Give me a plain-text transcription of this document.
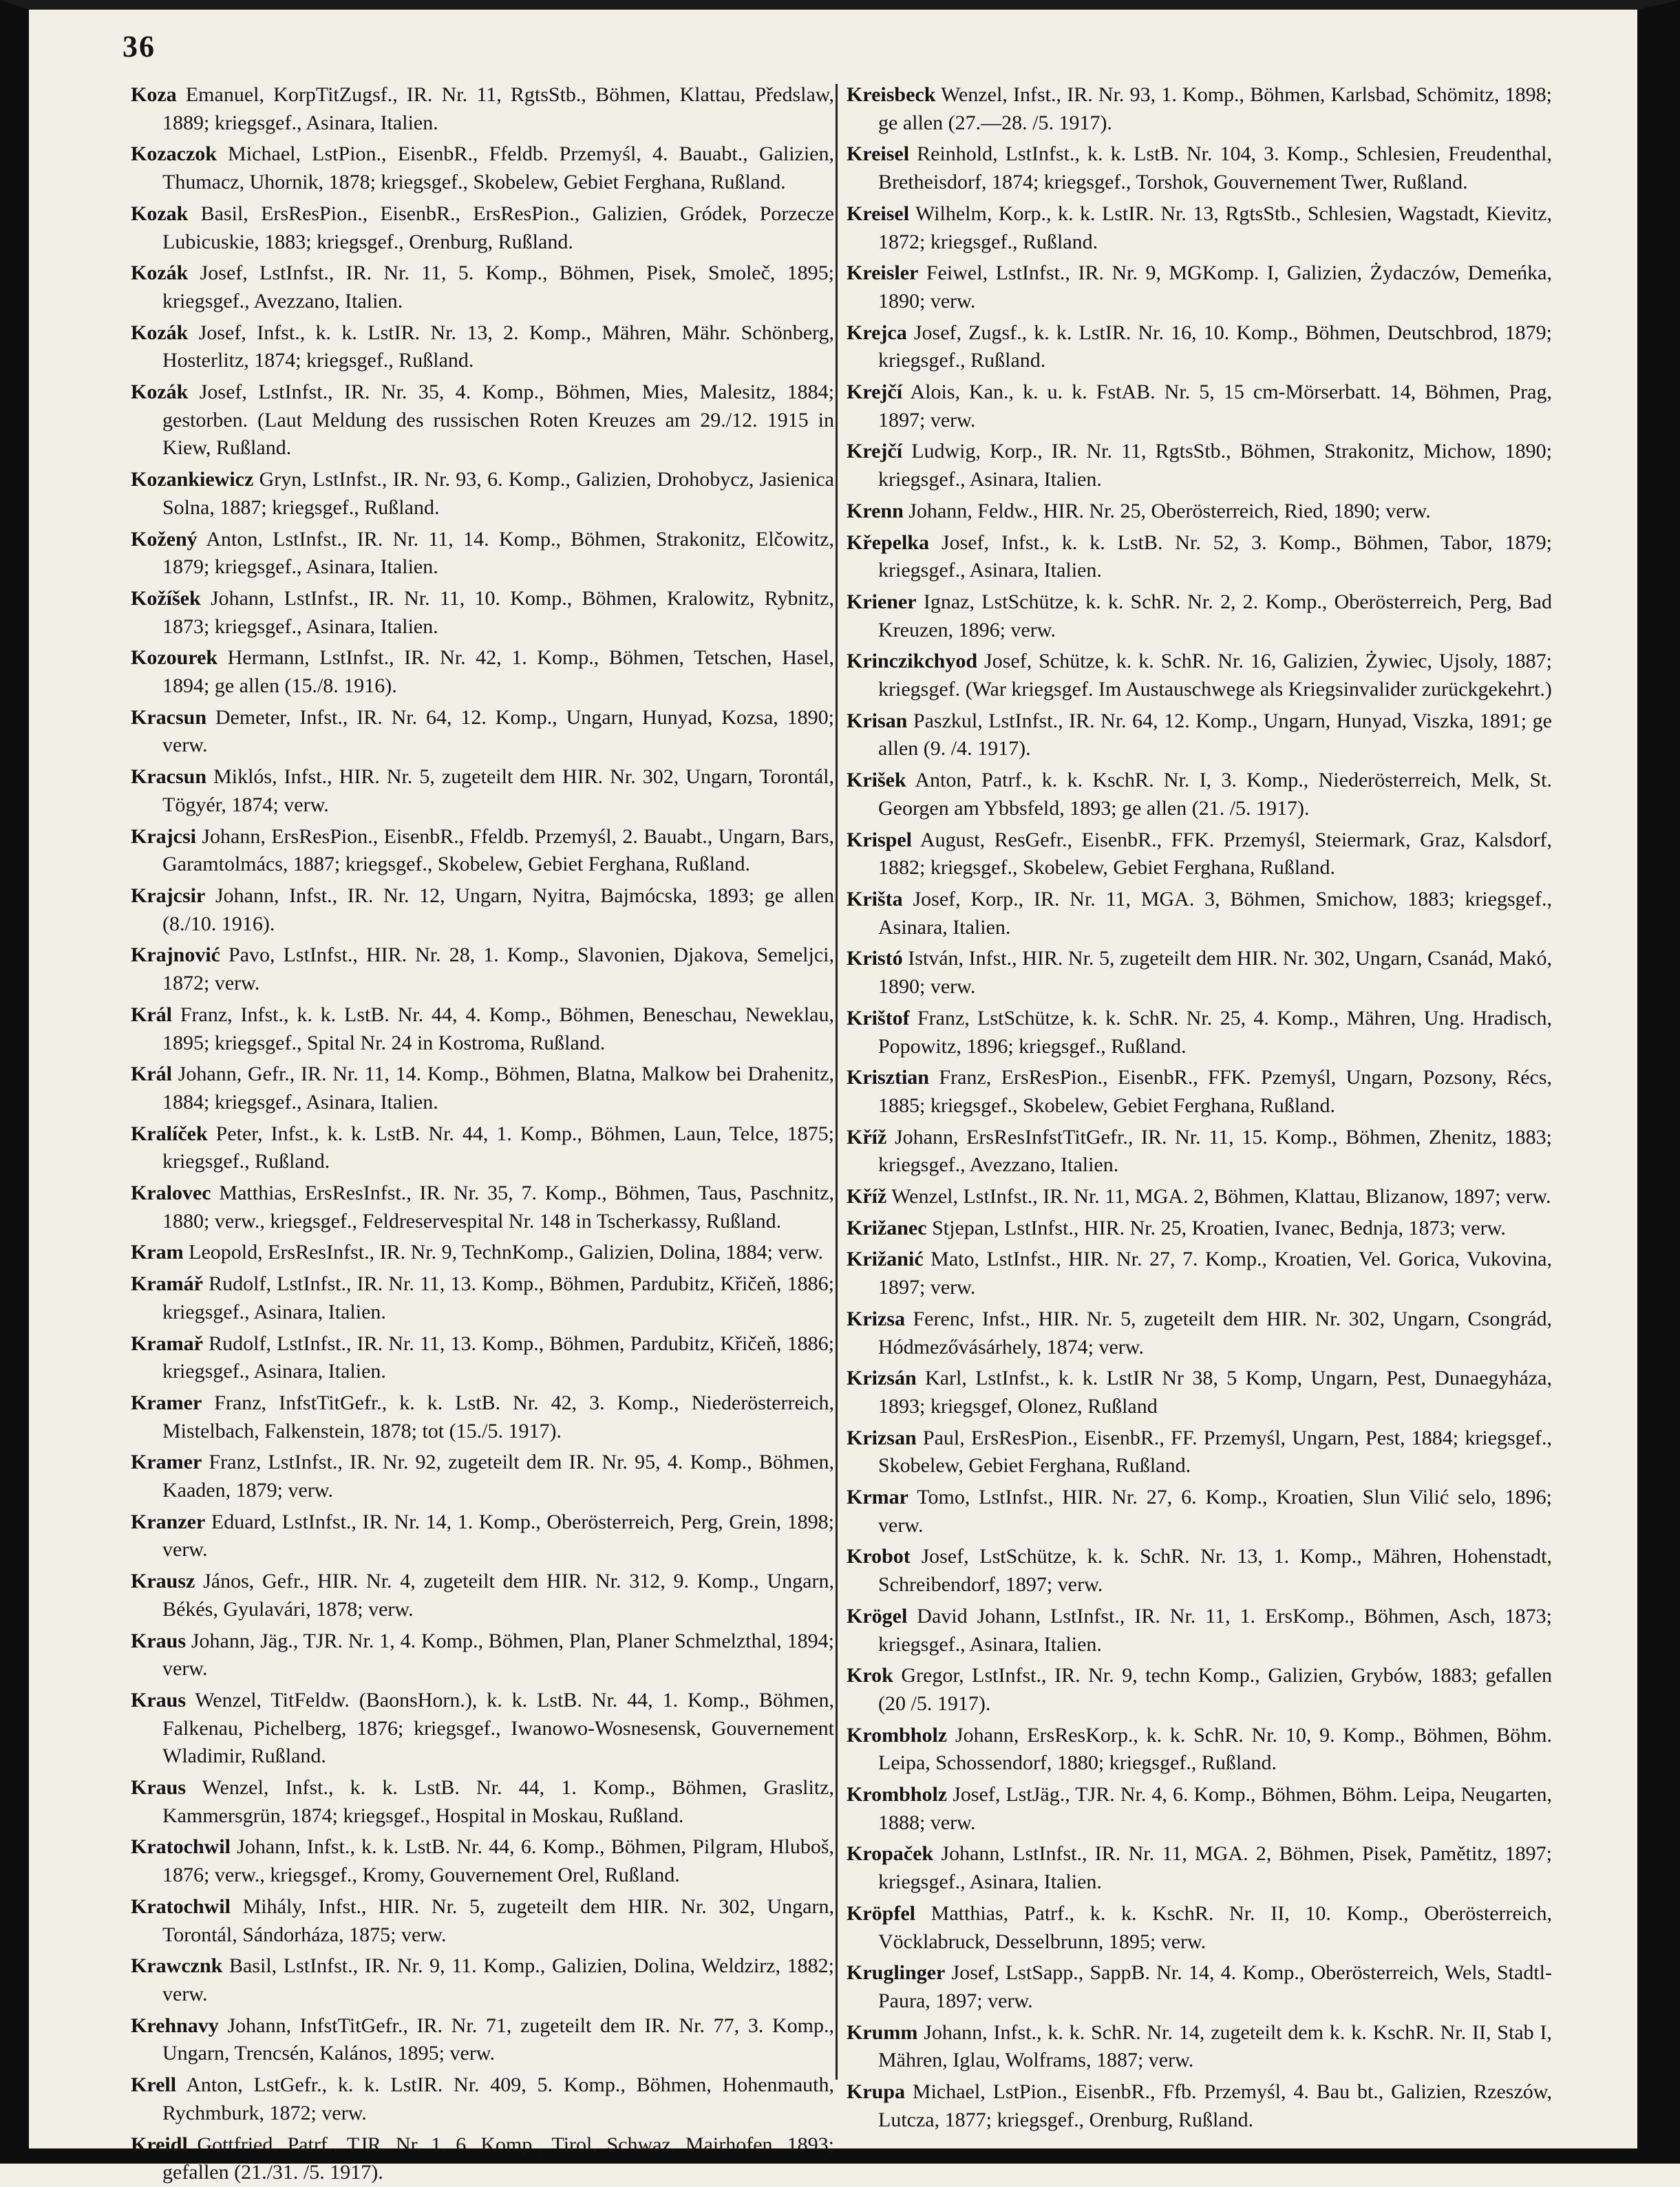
36

Koza Emanuel, KorpTitZugsf., IR. Nr. 11, RgtsStb., Böhmen, Klattau, Předslaw, 1889; kriegsgef., Asinara, Italien.

Kozaczok Michael, LstPion., EisenbR., Ffeldb. Przemyśl, 4. Bauabt., Galizien, Thumacz, Uhornik, 1878; kriegsgef., Skobelew, Gebiet Ferghana, Rußland.

Kozak Basil, ErsResPion., EisenbR., ErsResPion., Galizien, Gródek, Porzecze Lubicuskie, 1883; kriegsgef., Orenburg, Rußland.

Kozák Josef, LstInfst., IR. Nr. 11, 5. Komp., Böhmen, Pisek, Smoleč, 1895; kriegsgef., Avezzano, Italien.

Kozák Josef, Infst., k. k. LstIR. Nr. 13, 2. Komp., Mähren, Mähr. Schönberg, Hosterlitz, 1874; kriegsgef., Rußland.

Kozák Josef, LstInfst., IR. Nr. 35, 4. Komp., Böhmen, Mies, Malesitz, 1884; gestorben. (Laut Meldung des russischen Roten Kreuzes am 29./12. 1915 in Kiew, Rußland.

Kozankiewicz Gryn, LstInfst., IR. Nr. 93, 6. Komp., Galizien, Drohobycz, Jasienica Solna, 1887; kriegsgef., Rußland.

Kožený Anton, LstInfst., IR. Nr. 11, 14. Komp., Böhmen, Strakonitz, Elčowitz, 1879; kriegsgef., Asinara, Italien.

Kožíšek Johann, LstInfst., IR. Nr. 11, 10. Komp., Böhmen, Kralowitz, Rybnitz, 1873; kriegsgef., Asinara, Italien.

Kozourek Hermann, LstInfst., IR. Nr. 42, 1. Komp., Böhmen, Tetschen, Hasel, 1894; ge allen (15./8. 1916).

Kracsun Demeter, Infst., IR. Nr. 64, 12. Komp., Ungarn, Hunyad, Kozsa, 1890; verw.

Kracsun Miklós, Infst., HIR. Nr. 5, zugeteilt dem HIR. Nr. 302, Ungarn, Torontál, Tögyér, 1874; verw.

Krajcsi Johann, ErsResPion., EisenbR., Ffeldb. Przemyśl, 2. Bauabt., Ungarn, Bars, Garamtolmács, 1887; kriegsgef., Skobelew, Gebiet Ferghana, Rußland.

Krajcsir Johann, Infst., IR. Nr. 12, Ungarn, Nyitra, Bajmócska, 1893; ge allen (8./10. 1916).

Krajnović Pavo, LstInfst., HIR. Nr. 28, 1. Komp., Slavonien, Djakova, Semeljci, 1872; verw.

Král Franz, Infst., k. k. LstB. Nr. 44, 4. Komp., Böhmen, Beneschau, Neweklau, 1895; kriegsgef., Spital Nr. 24 in Kostroma, Rußland.

Král Johann, Gefr., IR. Nr. 11, 14. Komp., Böhmen, Blatna, Malkow bei Drahenitz, 1884; kriegsgef., Asinara, Italien.

Kralíček Peter, Infst., k. k. LstB. Nr. 44, 1. Komp., Böhmen, Laun, Telce, 1875; kriegsgef., Rußland.

Kralovec Matthias, ErsResInfst., IR. Nr. 35, 7. Komp., Böhmen, Taus, Paschnitz, 1880; verw., kriegsgef., Feldreservespital Nr. 148 in Tscherkassy, Rußland.

Kram Leopold, ErsResInfst., IR. Nr. 9, TechnKomp., Galizien, Dolina, 1884; verw.

Kramář Rudolf, LstInfst., IR. Nr. 11, 13. Komp., Böhmen, Pardubitz, Křičeň, 1886; kriegsgef., Asinara, Italien.

Kramař Rudolf, LstInfst., IR. Nr. 11, 13. Komp., Böhmen, Pardubitz, Křičeň, 1886; kriegsgef., Asinara, Italien.

Kramer Franz, InfstTitGefr., k. k. LstB. Nr. 42, 3. Komp., Niederösterreich, Mistelbach, Falkenstein, 1878; tot (15./5. 1917).

Kramer Franz, LstInfst., IR. Nr. 92, zugeteilt dem IR. Nr. 95, 4. Komp., Böhmen, Kaaden, 1879; verw.

Kranzer Eduard, LstInfst., IR. Nr. 14, 1. Komp., Oberösterreich, Perg, Grein, 1898; verw.

Krausz János, Gefr., HIR. Nr. 4, zugeteilt dem HIR. Nr. 312, 9. Komp., Ungarn, Békés, Gyulavári, 1878; verw.

Kraus Johann, Jäg., TJR. Nr. 1, 4. Komp., Böhmen, Plan, Planer Schmelzthal, 1894; verw.

Kraus Wenzel, TitFeldw. (BaonsHorn.), k. k. LstB. Nr. 44, 1. Komp., Böhmen, Falkenau, Pichelberg, 1876; kriegsgef., Iwanowo-Wosnesensk, Gouvernement Wladimir, Rußland.

Kraus Wenzel, Infst., k. k. LstB. Nr. 44, 1. Komp., Böhmen, Graslitz, Kammersgrün, 1874; kriegsgef., Hospital in Moskau, Rußland.

Kratochwil Johann, Infst., k. k. LstB. Nr. 44, 6. Komp., Böhmen, Pilgram, Hluboš, 1876; verw., kriegsgef., Kromy, Gouvernement Orel, Rußland.

Kratochwil Mihály, Infst., HIR. Nr. 5, zugeteilt dem HIR. Nr. 302, Ungarn, Torontál, Sándorháza, 1875; verw.

Krawcznk Basil, LstInfst., IR. Nr. 9, 11. Komp., Galizien, Dolina, Weldzirz, 1882; verw.

Krehnavy Johann, InfstTitGefr., IR. Nr. 71, zugeteilt dem IR. Nr. 77, 3. Komp., Ungarn, Trencsén, Kalános, 1895; verw.

Krell Anton, LstGefr., k. k. LstIR. Nr. 409, 5. Komp., Böhmen, Hohenmauth, Rychmburk, 1872; verw.

Kreidl Gottfried, Patrf., TJR. Nr. 1, 6. Komp., Tirol, Schwaz, Mairhofen, 1893; gefallen (21./31. /5. 1917).

Kreisbeck Wenzel, Infst., IR. Nr. 93, 1. Komp., Böhmen, Karlsbad, Schömitz, 1898; ge allen (27.—28. /5. 1917).

Kreisel Reinhold, LstInfst., k. k. LstB. Nr. 104, 3. Komp., Schlesien, Freudenthal, Bretheisdorf, 1874; kriegsgef., Torshok, Gouvernement Twer, Rußland.

Kreisel Wilhelm, Korp., k. k. LstIR. Nr. 13, RgtsStb., Schlesien, Wagstadt, Kievitz, 1872; kriegsgef., Rußland.

Kreisler Feiwel, LstInfst., IR. Nr. 9, MGKomp. I, Galizien, Żydaczów, Demeńka, 1890; verw.

Krejca Josef, Zugsf., k. k. LstIR. Nr. 16, 10. Komp., Böhmen, Deutschbrod, 1879; kriegsgef., Rußland.

Krejčí Alois, Kan., k. u. k. FstAB. Nr. 5, 15 cm-Mörserbatt. 14, Böhmen, Prag, 1897; verw.

Krejčí Ludwig, Korp., IR. Nr. 11, RgtsStb., Böhmen, Strakonitz, Michow, 1890; kriegsgef., Asinara, Italien.

Krenn Johann, Feldw., HIR. Nr. 25, Oberösterreich, Ried, 1890; verw.

Křepelka Josef, Infst., k. k. LstB. Nr. 52, 3. Komp., Böhmen, Tabor, 1879; kriegsgef., Asinara, Italien.

Kriener Ignaz, LstSchütze, k. k. SchR. Nr. 2, 2. Komp., Oberösterreich, Perg, Bad Kreuzen, 1896; verw.

Krinczikchyod Josef, Schütze, k. k. SchR. Nr. 16, Galizien, Żywiec, Ujsoly, 1887; kriegsgef. (War kriegsgef. Im Austauschwege als Kriegsinvalider zurückgekehrt.)

Krisan Paszkul, LstInfst., IR. Nr. 64, 12. Komp., Ungarn, Hunyad, Viszka, 1891; ge allen (9. /4. 1917).

Krišek Anton, Patrf., k. k. KschR. Nr. I, 3. Komp., Niederösterreich, Melk, St. Georgen am Ybbsfeld, 1893; ge allen (21. /5. 1917).

Krispel August, ResGefr., EisenbR., FFK. Przemyśl, Steiermark, Graz, Kalsdorf, 1882; kriegsgef., Skobelew, Gebiet Ferghana, Rußland.

Krišta Josef, Korp., IR. Nr. 11, MGA. 3, Böhmen, Smichow, 1883; kriegsgef., Asinara, Italien.

Kristó István, Infst., HIR. Nr. 5, zugeteilt dem HIR. Nr. 302, Ungarn, Csanád, Makó, 1890; verw.

Krištof Franz, LstSchütze, k. k. SchR. Nr. 25, 4. Komp., Mähren, Ung. Hradisch, Popowitz, 1896; kriegsgef., Rußland.

Krisztian Franz, ErsResPion., EisenbR., FFK. Pzemyśl, Ungarn, Pozsony, Récs, 1885; kriegsgef., Skobelew, Gebiet Ferghana, Rußland.

Kříž Johann, ErsResInfstTitGefr., IR. Nr. 11, 15. Komp., Böhmen, Zhenitz, 1883; kriegsgef., Avezzano, Italien.

Kříž Wenzel, LstInfst., IR. Nr. 11, MGA. 2, Böhmen, Klattau, Blizanow, 1897; verw.

Križanec Stjepan, LstInfst., HIR. Nr. 25, Kroatien, Ivanec, Bednja, 1873; verw.

Križanić Mato, LstInfst., HIR. Nr. 27, 7. Komp., Kroatien, Vel. Gorica, Vukovina, 1897; verw.

Krizsa Ferenc, Infst., HIR. Nr. 5, zugeteilt dem HIR. Nr. 302, Ungarn, Csongrád, Hódmezővásárhely, 1874; verw.

Krizsán Karl, LstInfst., k. k. LstIR Nr 38, 5 Komp, Ungarn, Pest, Dunaegyháza, 1893; kriegsgef, Olonez, Rußland

Krizsan Paul, ErsResPion., EisenbR., FF. Przemyśl, Ungarn, Pest, 1884; kriegsgef., Skobelew, Gebiet Ferghana, Rußland.

Krmar Tomo, LstInfst., HIR. Nr. 27, 6. Komp., Kroatien, Slun Vilić selo, 1896; verw.

Krobot Josef, LstSchütze, k. k. SchR. Nr. 13, 1. Komp., Mähren, Hohenstadt, Schreibendorf, 1897; verw.

Krögel David Johann, LstInfst., IR. Nr. 11, 1. ErsKomp., Böhmen, Asch, 1873; kriegsgef., Asinara, Italien.

Krok Gregor, LstInfst., IR. Nr. 9, techn Komp., Galizien, Grybów, 1883; gefallen (20 /5. 1917).

Krombholz Johann, ErsResKorp., k. k. SchR. Nr. 10, 9. Komp., Böhmen, Böhm. Leipa, Schossendorf, 1880; kriegsgef., Rußland.

Krombholz Josef, LstJäg., TJR. Nr. 4, 6. Komp., Böhmen, Böhm. Leipa, Neugarten, 1888; verw.

Kropaček Johann, LstInfst., IR. Nr. 11, MGA. 2, Böhmen, Pisek, Pamětitz, 1897; kriegsgef., Asinara, Italien.

Kröpfel Matthias, Patrf., k. k. KschR. Nr. II, 10. Komp., Oberösterreich, Vöcklabruck, Desselbrunn, 1895; verw.

Kruglinger Josef, LstSapp., SappB. Nr. 14, 4. Komp., Oberösterreich, Wels, Stadtl-Paura, 1897; verw.

Krumm Johann, Infst., k. k. SchR. Nr. 14, zugeteilt dem k. k. KschR. Nr. II, Stab I, Mähren, Iglau, Wolframs, 1887; verw.

Krupa Michael, LstPion., EisenbR., Ffb. Przemyśl, 4. Bau bt., Galizien, Rzeszów, Lutcza, 1877; kriegsgef., Orenburg, Rußland.
